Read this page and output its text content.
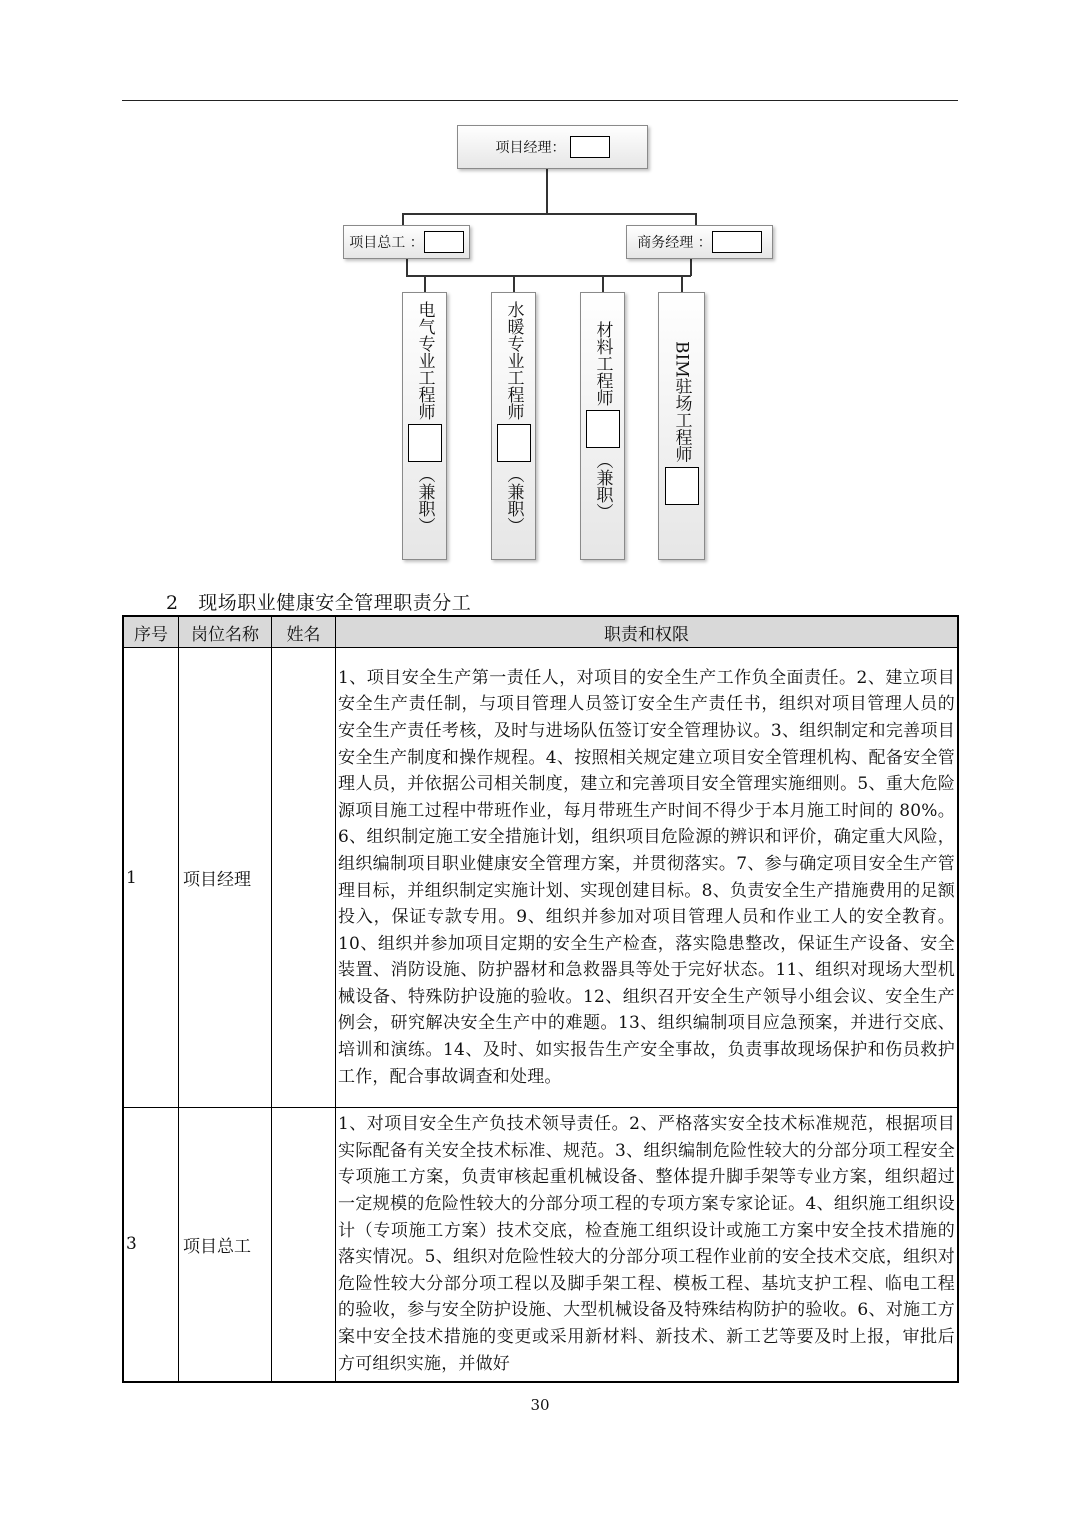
项目经理：
项目总工 ：	商务经理 ：
电气专业工程师
（兼职）
水暖专业工程师
（兼职）
材料工程师
（兼职）
BIM驻场工程师
2 现场职业健康安全管理职责分工
序号	岗位名称	姓名	职责和权限
1	项目经理		1、项目安全生产第一责任人，对项目的安全生产工作负全面责任。2、建立项目安全生产责任制，与项目管理人员签订安全生产责任书，组织对项目管理人员的安全生产责任考核，及时与进场队伍签订安全管理协议。3、组织制定和完善项目安全生产制度和操作规程。4、按照相关规定建立项目安全管理机构、配备安全管理人员，并依据公司相关制度，建立和完善项目安全管理实施细则。5、重大危险源项目施工过程中带班作业，每月带班生产时间不得少于本月施工时间的 80%。6、组织制定施工安全措施计划，组织项目危险源的辨识和评价，确定重大风险，组织编制项目职业健康安全管理方案，并贯彻落实。7、参与确定项目安全生产管理目标，并组织制定实施计划、实现创建目标。8、负责安全生产措施费用的足额投入，保证专款专用。9、组织并参加对项目管理人员和作业工人的安全教育。10、组织并参加项目定期的安全生产检查，落实隐患整改，保证生产设备、安全装置、消防设施、防护器材和急救器具等处于完好状态。11、组织对现场大型机械设备、特殊防护设施的验收。12、组织召开安全生产领导小组会议、安全生产例会，研究解决安全生产中的难题。13、组织编制项目应急预案，并进行交底、培训和演练。14、及时、如实报告生产安全事故，负责事故现场保护和伤员救护工作，配合事故调查和处理。
3	项目总工		1、对项目安全生产负技术领导责任。2、严格落实安全技术标准规范，根据项目实际配备有关安全技术标准、规范。3、组织编制危险性较大的分部分项工程安全专项施工方案，负责审核起重机械设备、整体提升脚手架等专业方案，组织超过一定规模的危险性较大的分部分项工程的专项方案专家论证。4、组织施工组织设计（专项施工方案）技术交底，检查施工组织设计或施工方案中安全技术措施的落实情况。5、组织对危险性较大的分部分项工程作业前的安全技术交底，组织对危险性较大分部分项工程以及脚手架工程、模板工程、基坑支护工程、临电工程的验收，参与安全防护设施、大型机械设备及特殊结构防护的验收。6、对施工方案中安全技术措施的变更或采用新材料、新技术、新工艺等要及时上报，审批后方可组织实施，并做好
30
